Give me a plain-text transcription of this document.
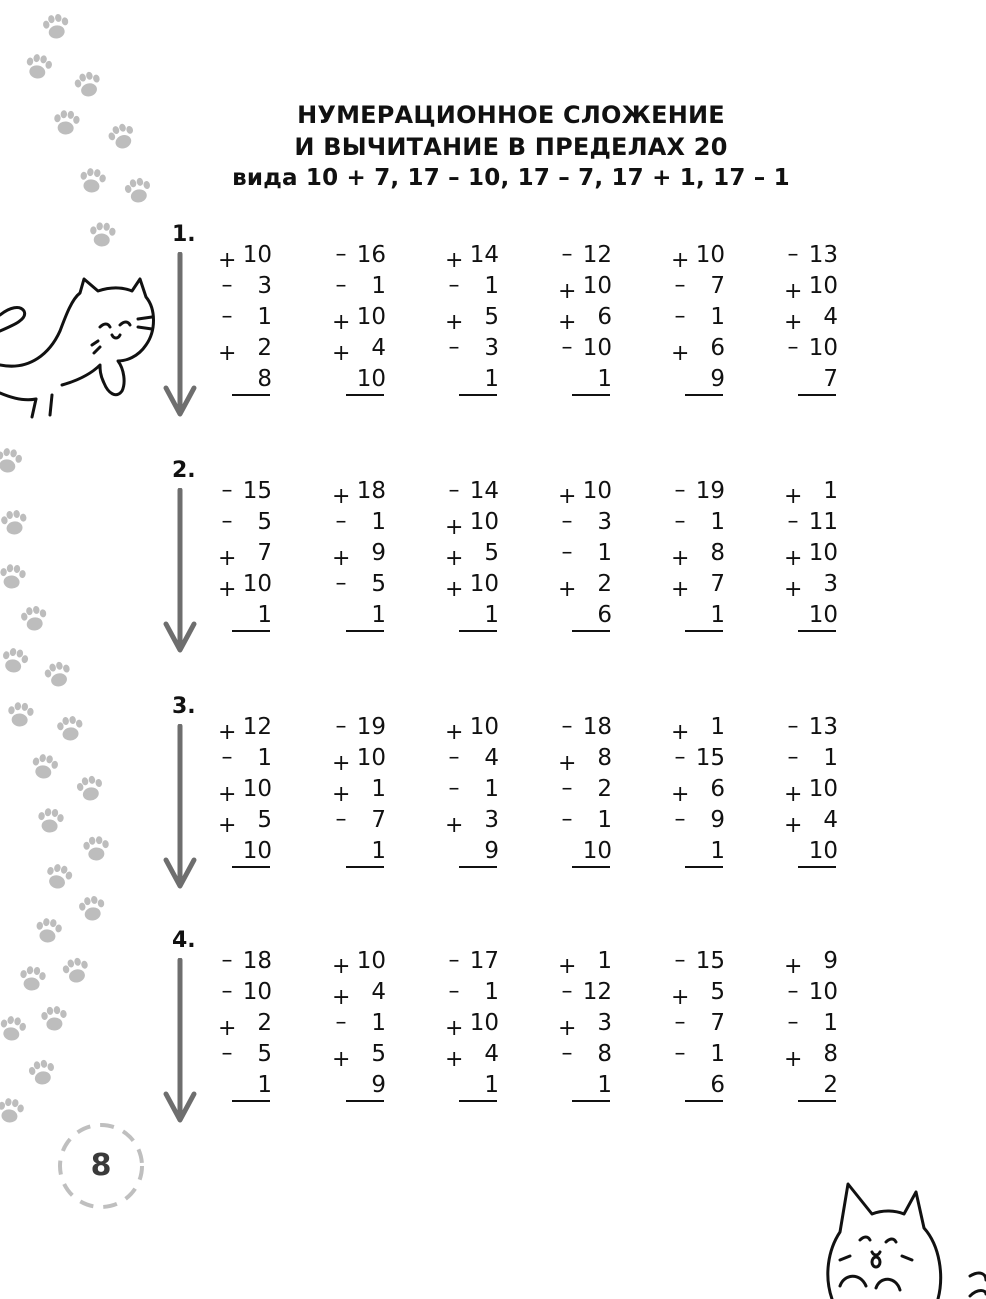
НУМЕРАЦИОННОЕ СЛОЖЕНИЕ
И ВЫЧИТАНИЕ В ПРЕДЕЛАХ 20
вида 10 + 7, 17 – 10, 17 – 7, 17 + 1, 17 – 1
1.
+ 10
– 3
– 1
+ 2
8
– 16
– 1
+ 10
+ 4
10
+ 14
– 1
+ 5
– 3
1
– 12
+ 10
+ 6
– 10
1
+ 10
– 7
– 1
+ 6
9
– 13
+ 10
+ 4
– 10
7
2.
– 15
– 5
+ 7
+ 10
1
+ 18
– 1
+ 9
– 5
1
– 14
+ 10
+ 5
+ 10
1
+ 10
– 3
– 1
+ 2
6
– 19
– 1
+ 8
+ 7
1
+ 1
– 11
+ 10
+ 3
10
3.
+ 12
– 1
+ 10
+ 5
10
– 19
+ 10
+ 1
– 7
1
+ 10
– 4
– 1
+ 3
9
– 18
+ 8
– 2
– 1
10
+ 1
– 15
+ 6
– 9
1
– 13
– 1
+ 10
+ 4
10
4.
– 18
– 10
+ 2
– 5
1
+ 10
+ 4
– 1
+ 5
9
– 17
– 1
+ 10
+ 4
1
+ 1
– 12
+ 3
– 8
1
– 15
+ 5
– 7
– 1
6
+ 9
– 10
– 1
+ 8
2
8
